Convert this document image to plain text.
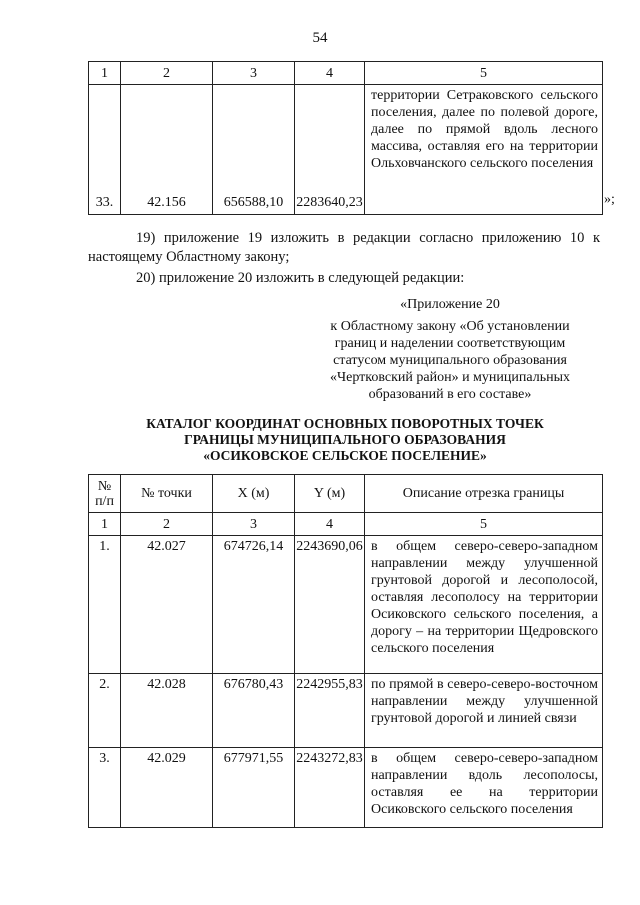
54
1	2	3	4	5
33.	42.156	656588,10	2283640,23	территории Сетраковского сельского поселения, далее по полевой дороге, далее по прямой вдоль лесного массива, оставляя его на территории Ольховчанского сельского поселения
»;
19) приложение 19 изложить в редакции согласно приложению 10 к настоящему Областному закону;
20) приложение 20 изложить в следующей редакции:
«Приложение 20
к Областному закону «Об установлении
границ и наделении соответствующим
статусом муниципального образования
«Чертковский район» и муниципальных
образований в его составе»
КАТАЛОГ КООРДИНАТ ОСНОВНЫХ ПОВОРОТНЫХ ТОЧЕК
ГРАНИЦЫ МУНИЦИПАЛЬНОГО ОБРАЗОВАНИЯ
«ОСИКОВСКОЕ СЕЛЬСКОЕ ПОСЕЛЕНИЕ»
№
п/п	№ точки	X (м)	Y (м)	Описание отрезка границы
1	2	3	4	5
1.	42.027	674726,14	2243690,06	в общем северо-северо-западном направлении между улучшенной грунтовой дорогой и лесополосой, оставляя лесополосу на территории Осиковского сельского поселения, а дорогу – на территории Щедровского сельского поселения
2.	42.028	676780,43	2242955,83	по прямой в северо-северо-восточном направлении между улучшенной грунтовой дорогой и линией связи
3.	42.029	677971,55	2243272,83	в общем северо-северо-западном направлении вдоль лесополосы, оставляя ее на территории Осиковского сельского поселения
